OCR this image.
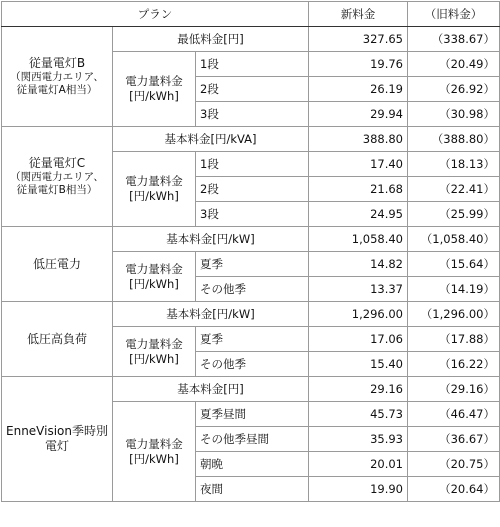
プラン			新料金	（旧料金）

従量電灯B
（関西電力エリア、従量電灯A相当）	最低料金[円]		327.65	（338.67）
	電力量料金[円/kWh]	1段	19.76	（20.49）
		2段	26.19	（26.92）
		3段	29.94	（30.98）

従量電灯C
（関西電力エリア、従量電灯B相当）	基本料金[円/kVA]		388.80	（388.80）
	電力量料金[円/kWh]	1段	17.40	（18.13）
		2段	21.68	（22.41）
		3段	24.95	（25.99）

低圧電力	基本料金[円/kW]		1,058.40	（1,058.40）
	電力量料金[円/kWh]	夏季	14.82	（15.64）
		その他季	13.37	（14.19）

低圧高負荷	基本料金[円/kW]		1,296.00	（1,296.00）
	電力量料金[円/kWh]	夏季	17.06	（17.88）
		その他季	15.40	（16.22）

EnneVision季時別電灯	基本料金[円]		29.16	（29.16）
	電力量料金[円/kWh]	夏季昼間	45.73	（46.47）
		その他季昼間	35.93	（36.67）
		朝晩	20.01	（20.75）
		夜間	19.90	（20.64）
